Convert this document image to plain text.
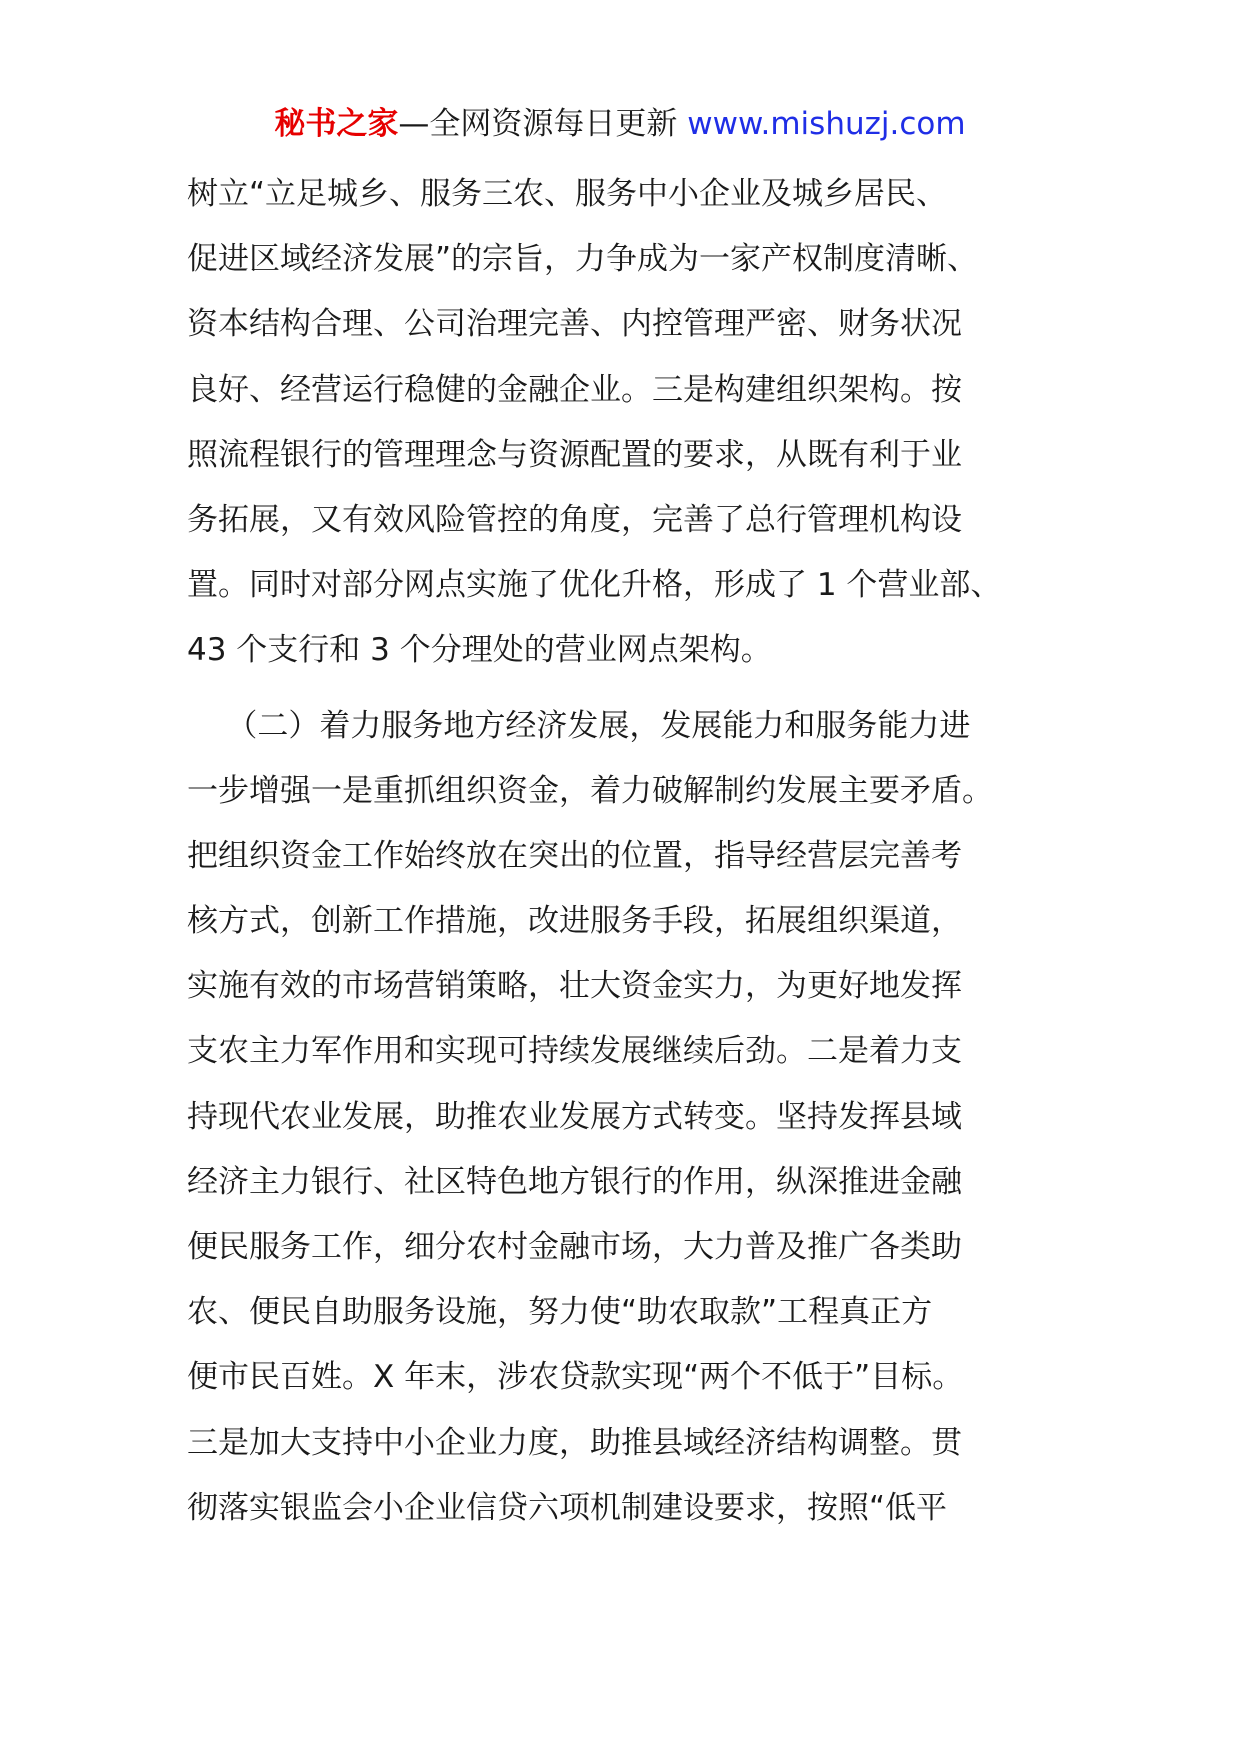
秘书之家—全网资源每日更新 www.mishuzj.com
树立“立足城乡、服务三农、服务中小企业及城乡居民、
促进区域经济发展”的宗旨，力争成为一家产权制度清晰、
资本结构合理、公司治理完善、内控管理严密、财务状况
良好、经营运行稳健的金融企业。三是构建组织架构。按
照流程银行的管理理念与资源配置的要求，从既有利于业
务拓展，又有效风险管控的角度，完善了总行管理机构设
置。同时对部分网点实施了优化升格，形成了 1 个营业部、
43 个支行和 3 个分理处的营业网点架构。
（二）着力服务地方经济发展，发展能力和服务能力进
一步增强一是重抓组织资金，着力破解制约发展主要矛盾。
把组织资金工作始终放在突出的位置，指导经营层完善考
核方式，创新工作措施，改进服务手段，拓展组织渠道，
实施有效的市场营销策略，壮大资金实力，为更好地发挥
支农主力军作用和实现可持续发展继续后劲。二是着力支
持现代农业发展，助推农业发展方式转变。坚持发挥县域
经济主力银行、社区特色地方银行的作用，纵深推进金融
便民服务工作，细分农村金融市场，大力普及推广各类助
农、便民自助服务设施，努力使“助农取款”工程真正方
便市民百姓。X 年末，涉农贷款实现“两个不低于”目标。
三是加大支持中小企业力度，助推县域经济结构调整。贯
彻落实银监会小企业信贷六项机制建设要求，按照“低平
